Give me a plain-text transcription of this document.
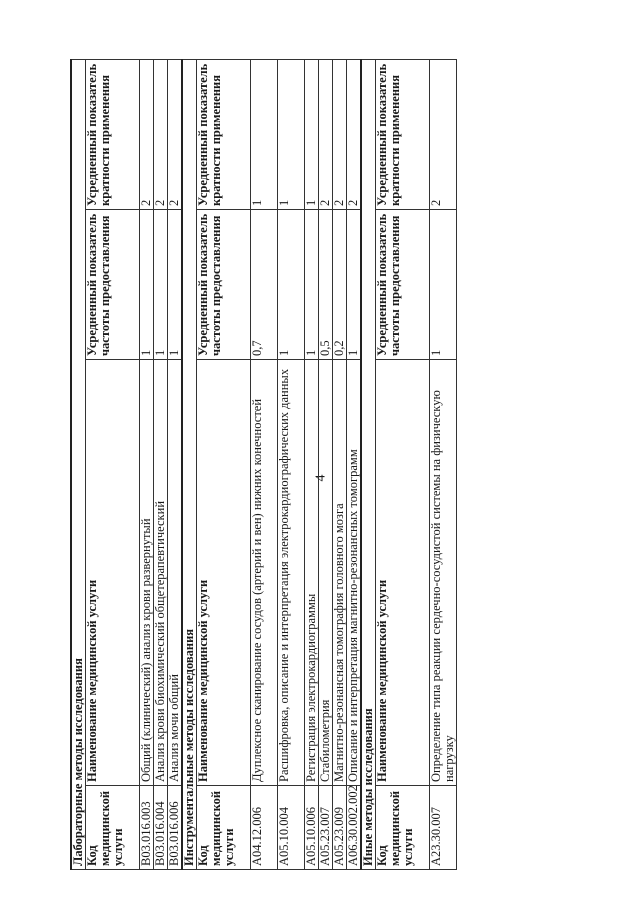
4
Лабораторные методы исследования			
Код медицинской услуги	Наименование медицинской услуги	Усредненный показатель частоты предоставления	Усредненный показатель кратности применения
B03.016.003	Общий (клинический) анализ крови развернутый	1	2
B03.016.004	Анализ крови биохимический общетерапевтический	1	2
B03.016.006	Анализ мочи общий	1	2
Инструментальные методы исследования			
Код медицинской услуги	Наименование медицинской услуги	Усредненный показатель частоты предоставления	Усредненный показатель кратности применения
A04.12.006	Дуплексное сканирование сосудов (артерий и вен) нижних конечностей	0,7	1
A05.10.004	Расшифровка, описание и интерпретация электрокардиографических данных	1	1
A05.10.006	Регистрация электрокардиограммы	1	1
A05.23.007	Стабилометрия	0,5	2
A05.23.009	Магнитно-резонансная томография головного мозга	0,2	2
A06.30.002.002	Описание и интерпретация магнитно-резонансных томограмм	1	2
Иные методы исследования			
Код медицинской услуги	Наименование медицинской услуги	Усредненный показатель частоты предоставления	Усредненный показатель кратности применения
A23.30.007	Определение типа реакции сердечно-сосудистой системы на физическую нагрузку	1	2
